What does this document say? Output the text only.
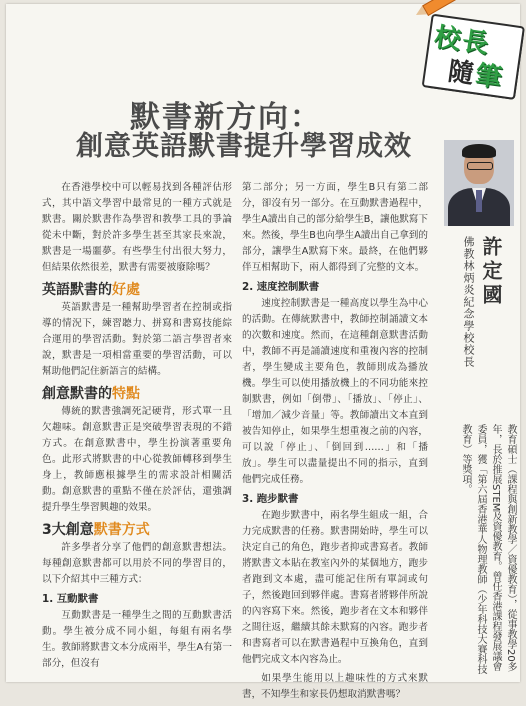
校長
隨筆
默書新方向：
創意英語默書提升學習成效
許定國
佛教林炳炎紀念學校校長
教育碩士（課程與創新教學／資優教育），從事教學20多年，長於推展STEM及資優教育。曾任香港課程發展議會委員，獲「第六屆香港華人物理教師（少年科技大賽科技教育）等獎項。

在香港學校中可以輕易找到各種評估形式，其中語文學習中最常見的一種方式就是默書。關於默書作為學習和教學工具的爭論從未中斷，對於許多學生甚至其家長來說，默書是一場噩夢。有些學生付出很大努力，但結果依然很差，默書有需要被廢除嗎？

英語默書的好處

英語默書是一種幫助學習者在控制或指導的情況下，練習聽力、拼寫和書寫技能綜合運用的學習活動。對於第二語言學習者來說，默書是一項相當重要的學習活動，可以幫助他們記住新語言的結構。

創意默書的特點

傳統的默書強調死記硬背，形式單一且欠趣味。創意默書正是突破學習表現的不錯方式。在創意默書中，學生扮演著重要角色。此形式將默書的中心從教師轉移到學生身上，教師應根據學生的需求設計相關活動。創意默書的重點不僅在於評估，還強調提升學生學習興趣的效果。

3大創意默書方式

許多學者分享了他們的創意默書想法。每種創意默書都可以用於不同的學習目的，以下介紹其中三種方式：

1. 互動默書

互動默書是一種學生之間的互動默書活動。學生被分成不同小組，每組有兩名學生。教師將默書文本分成兩半，學生A有第一部分，但沒有

第二部分；另一方面，學生B只有第二部分，卻沒有另一部分。在互動默書過程中，學生A讀出自己的部分給學生B，讓他默寫下來。然後，學生B也向學生A讀出自己拿到的部分，讓學生A默寫下來。最終，在他們夥伴互相幫助下，兩人都得到了完整的文本。

2. 速度控制默書

速度控制默書是一種高度以學生為中心的活動。在傳統默書中，教師控制誦讀文本的次數和速度。然而，在這種創意默書活動中，教師不再是誦讀速度和重複內容的控制者，學生變成主要角色，教師則成為播放機。學生可以使用播放機上的不同功能來控制默書，例如「倒帶」、「播放」、「停止」、「增加／減少音量」等。教師讀出文本直到被告知停止，如果學生想重複之前的內容，可以說「停止」、「倒回到……」和「播放」。學生可以盡量提出不同的指示，直到他們完成任務。

3. 跑步默書

在跑步默書中，兩名學生組成一組，合力完成默書的任務。默書開始時，學生可以決定自己的角色，跑步者抑或書寫者。教師將默書文本貼在教室內外的某個地方，跑步者跑到文本處，盡可能記住所有單詞或句子，然後跑回到夥伴處。書寫者將夥伴所說的內容寫下來。然後，跑步者在文本和夥伴之間往返，繼續其餘未默寫的內容。跑步者和書寫者可以在默書過程中互換角色，直到他們完成文本內容為止。

如果學生能用以上趣味性的方式來默書，不知學生和家長仍想取消默書嗎？
